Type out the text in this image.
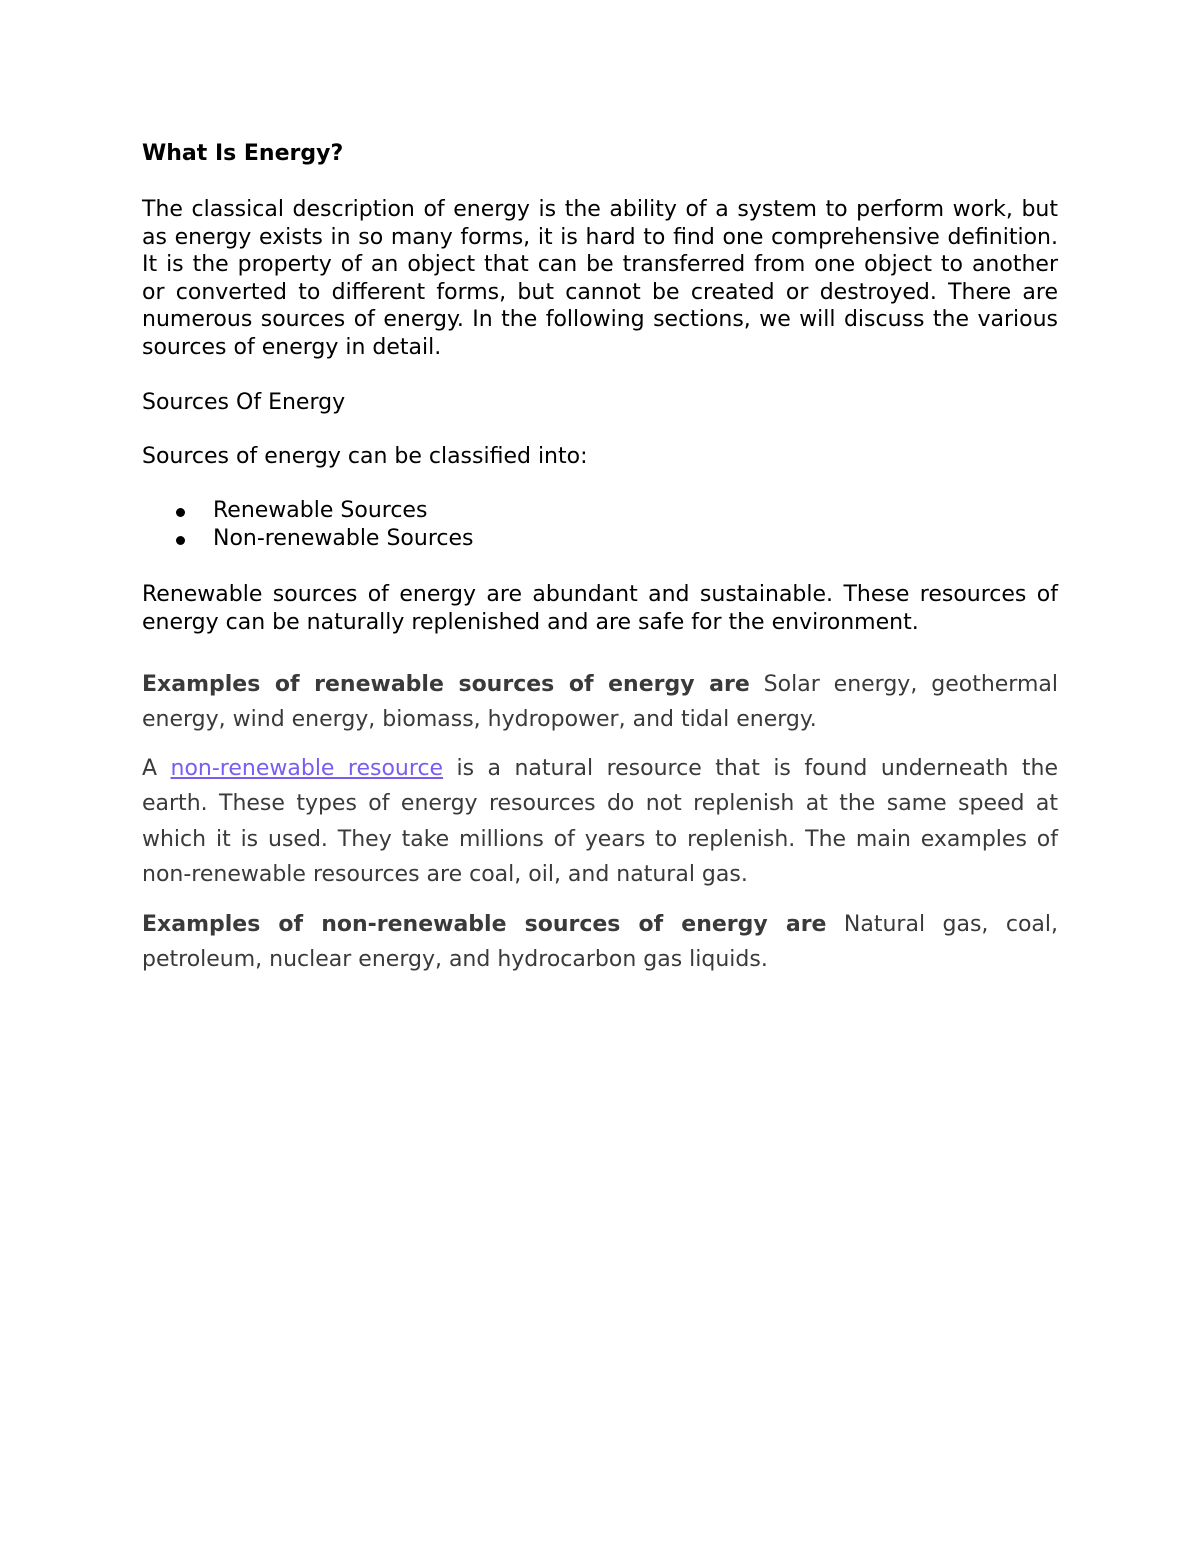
What Is Energy?

The classical description of energy is the ability of a system to perform work, but as energy exists in so many forms, it is hard to find one comprehensive definition. It is the property of an object that can be transferred from one object to another or converted to different forms, but cannot be created or destroyed. There are numerous sources of energy. In the following sections, we will discuss the various sources of energy in detail.

Sources Of Energy

Sources of energy can be classified into:

Renewable Sources
Non-renewable Sources

Renewable sources of energy are abundant and sustainable. These resources of energy can be naturally replenished and are safe for the environment.

Examples of renewable sources of energy are Solar energy, geothermal energy, wind energy, biomass, hydropower, and tidal energy.

A non-renewable resource is a natural resource that is found underneath the earth. These types of energy resources do not replenish at the same speed at which it is used. They take millions of years to replenish. The main examples of non-renewable resources are coal, oil, and natural gas.

Examples of non-renewable sources of energy are Natural gas, coal, petroleum, nuclear energy, and hydrocarbon gas liquids.
